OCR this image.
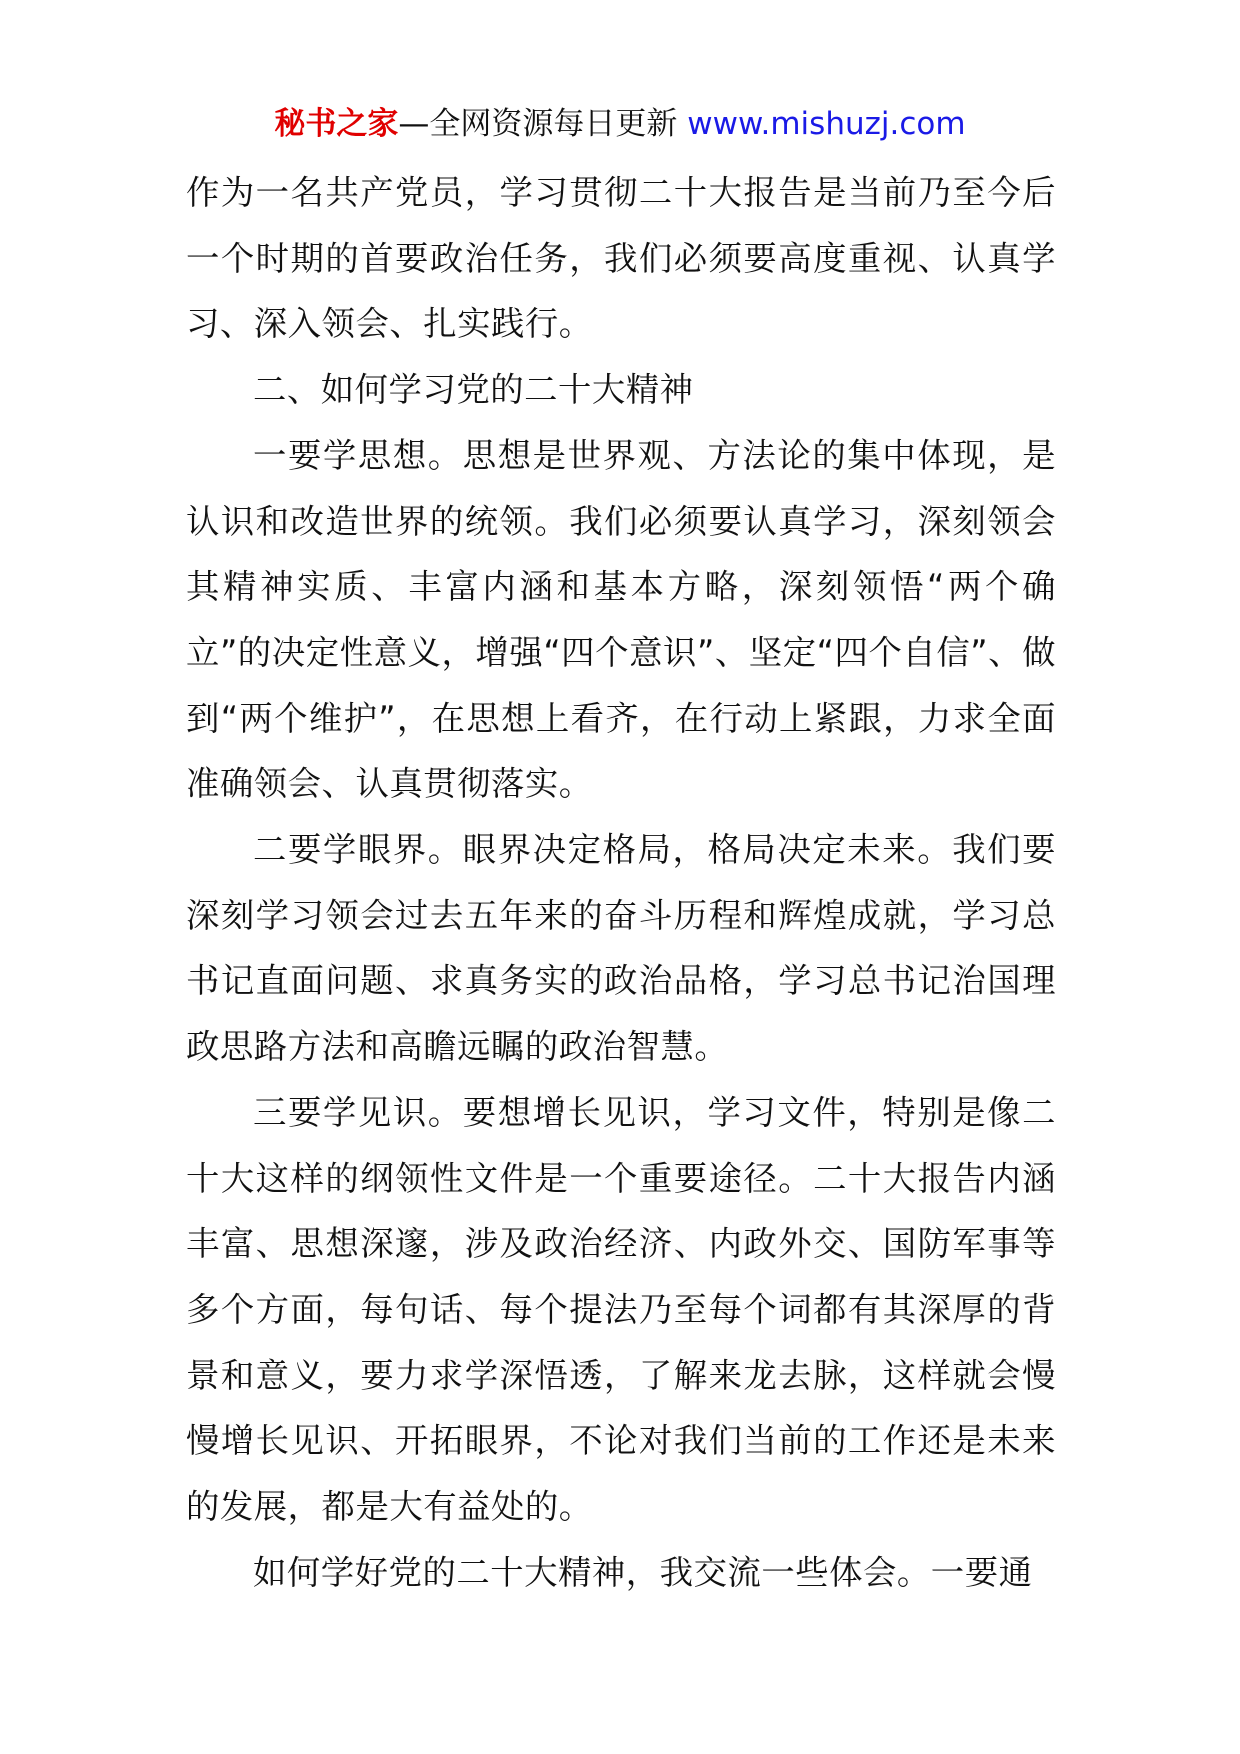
秘书之家—全网资源每日更新 www.mishuzj.com

作为一名共产党员，学习贯彻二十大报告是当前乃至今后一个时期的首要政治任务，我们必须要高度重视、认真学习、深入领会、扎实践行。

二、如何学习党的二十大精神

一要学思想。思想是世界观、方法论的集中体现，是认识和改造世界的统领。我们必须要认真学习，深刻领会其精神实质、丰富内涵和基本方略，深刻领悟“两个确立”的决定性意义，增强“四个意识”、坚定“四个自信”、做到“两个维护”，在思想上看齐，在行动上紧跟，力求全面准确领会、认真贯彻落实。

二要学眼界。眼界决定格局，格局决定未来。我们要深刻学习领会过去五年来的奋斗历程和辉煌成就，学习总书记直面问题、求真务实的政治品格，学习总书记治国理政思路方法和高瞻远瞩的政治智慧。

三要学见识。要想增长见识，学习文件，特别是像二十大这样的纲领性文件是一个重要途径。二十大报告内涵丰富、思想深邃，涉及政治经济、内政外交、国防军事等多个方面，每句话、每个提法乃至每个词都有其深厚的背景和意义，要力求学深悟透，了解来龙去脉，这样就会慢慢增长见识、开拓眼界，不论对我们当前的工作还是未来的发展，都是大有益处的。

如何学好党的二十大精神，我交流一些体会。一要通
